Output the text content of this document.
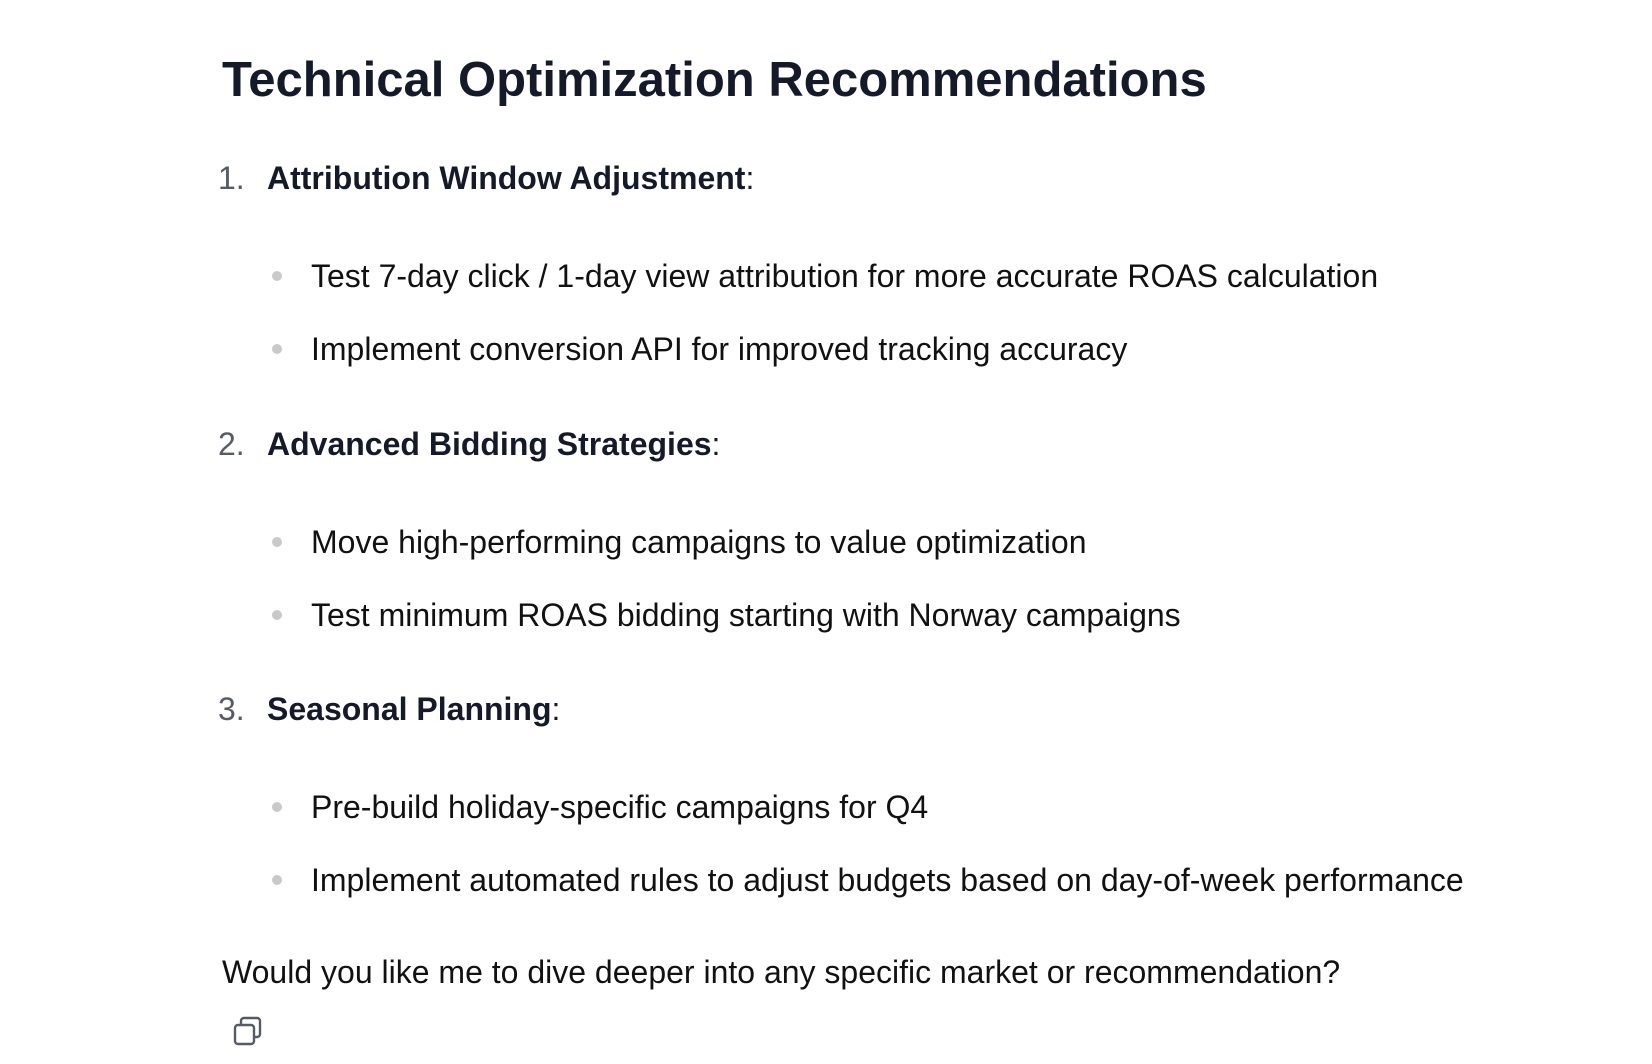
Technical Optimization Recommendations
1. Attribution Window Adjustment:
Test 7-day click / 1-day view attribution for more accurate ROAS calculation
Implement conversion API for improved tracking accuracy
2. Advanced Bidding Strategies:
Move high-performing campaigns to value optimization
Test minimum ROAS bidding starting with Norway campaigns
3. Seasonal Planning:
Pre-build holiday-specific campaigns for Q4
Implement automated rules to adjust budgets based on day-of-week performance
Would you like me to dive deeper into any specific market or recommendation?
